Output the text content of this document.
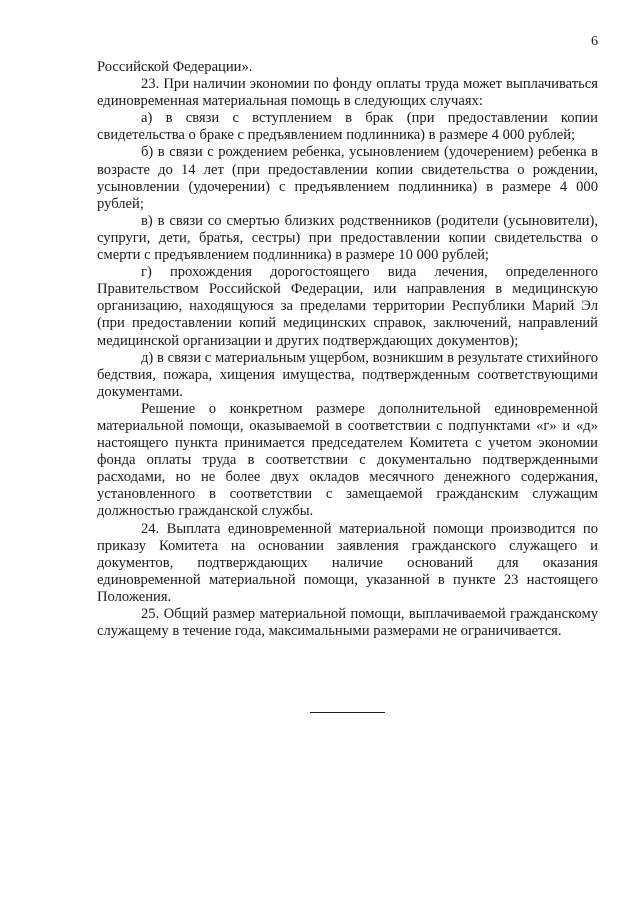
6

Российской Федерации».

23. При наличии экономии по фонду оплаты труда может выплачиваться единовременная материальная помощь в следующих случаях:

а) в связи с вступлением в брак (при предоставлении копии свидетельства о браке с предъявлением подлинника) в размере 4 000 рублей;

б) в связи с рождением ребенка, усыновлением (удочерением) ребенка в возрасте до 14 лет (при предоставлении копии свидетельства о рождении, усыновлении (удочерении) с предъявлением подлинника) в размере 4 000 рублей;

в) в связи со смертью близких родственников (родители (усыновители), супруги, дети, братья, сестры) при предоставлении копии свидетельства о смерти с предъявлением подлинника) в размере 10 000 рублей;

г) прохождения дорогостоящего вида лечения, определенного Правительством Российской Федерации, или направления в медицинскую организацию, находящуюся за пределами территории Республики Марий Эл (при предоставлении копий медицинских справок, заключений, направлений медицинской организации и других подтверждающих документов);

д) в связи с материальным ущербом, возникшим в результате стихийного бедствия, пожара, хищения имущества, подтвержденным соответствующими документами.

Решение о конкретном размере дополнительной единовременной материальной помощи, оказываемой в соответствии с подпунктами «г» и «д» настоящего пункта принимается председателем Комитета с учетом экономии фонда оплаты труда в соответствии с документально подтвержденными расходами, но не более двух окладов месячного денежного содержания, установленного в соответствии с замещаемой гражданским служащим должностью гражданской службы.

24. Выплата единовременной материальной помощи производится по приказу Комитета на основании заявления гражданского служащего и документов, подтверждающих наличие оснований для оказания единовременной материальной помощи, указанной в пункте 23 настоящего Положения.

25. Общий размер материальной помощи, выплачиваемой гражданскому служащему в течение года, максимальными размерами не ограничивается.
